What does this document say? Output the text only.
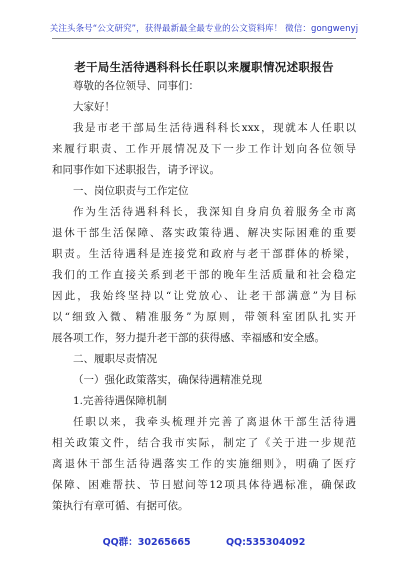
关注头条号“公文研究”，获得最新最全最专业的公文资料库！ 微信：gongwenyj
老干局生活待遇科科长任职以来履职情况述职报告
尊敬的各位领导、同事们：
大家好！
我是市老干部局生活待遇科科长xxx，现就本人任职以
来履行职责、工作开展情况及下一步工作计划向各位领导
和同事作如下述职报告，请予评议。
一、岗位职责与工作定位
作为生活待遇科科长，我深知自身肩负着服务全市离
退休干部生活保障、落实政策待遇、解决实际困难的重要
职责。生活待遇科是连接党和政府与老干部群体的桥梁，
我们的工作直接关系到老干部的晚年生活质量和社会稳定
因此，我始终坚持以“让党放心、让老干部满意”为目标
以“细致入微、精准服务”为原则，带领科室团队扎实开
展各项工作，努力提升老干部的获得感、幸福感和安全感。
二、履职尽责情况
（一）强化政策落实，确保待遇精准兑现
1.完善待遇保障机制
任职以来，我牵头梳理并完善了离退休干部生活待遇
相关政策文件，结合我市实际，制定了《关于进一步规范
离退休干部生活待遇落实工作的实施细则》，明确了医疗
保障、困难帮扶、节日慰问等12项具体待遇标准，确保政
策执行有章可循、有据可依。
QQ群：30265665	QQ:535304092
